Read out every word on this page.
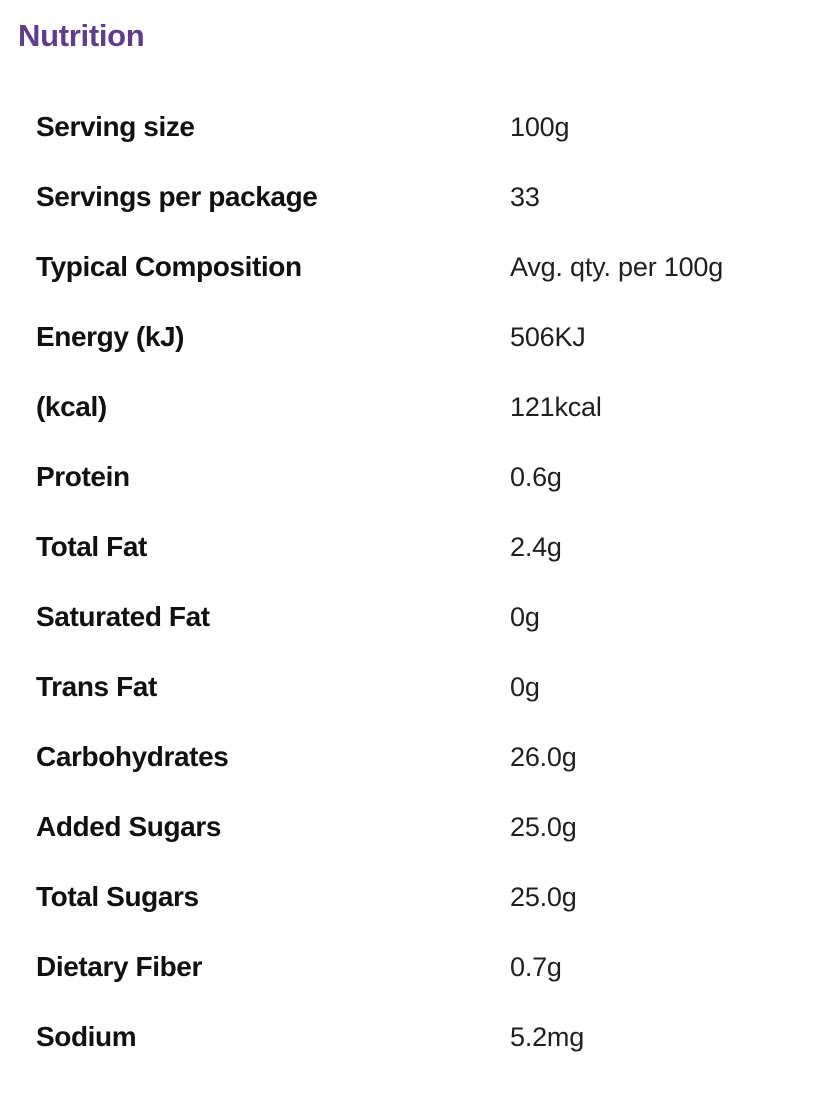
Nutrition
Serving size	100g
Servings per package	33
Typical Composition	Avg. qty. per 100g
Energy (kJ)	506KJ
(kcal)	121kcal
Protein	0.6g
Total Fat	2.4g
Saturated Fat	0g
Trans Fat	0g
Carbohydrates	26.0g
Added Sugars	25.0g
Total Sugars	25.0g
Dietary Fiber	0.7g
Sodium	5.2mg
